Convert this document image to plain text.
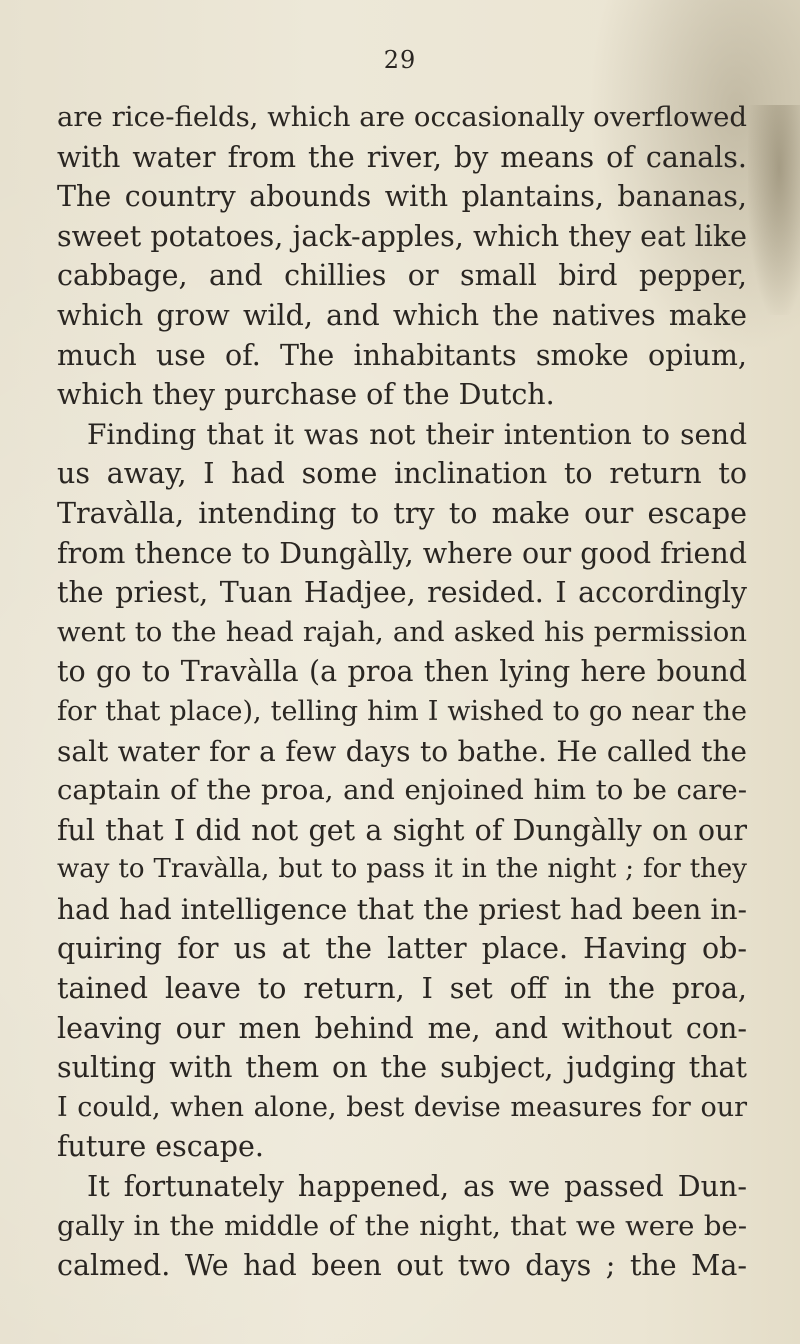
29
are rice-fields, which are occasionally overflowed
with water from the river, by means of canals.
The country abounds with plantains, bananas,
sweet potatoes, jack-apples, which they eat like
cabbage, and chillies or small bird pepper,
which grow wild, and which the natives make
much use of. The inhabitants smoke opium,
which they purchase of the Dutch.
Finding that it was not their intention to send
us away, I had some inclination to return to
Travàlla, intending to try to make our escape
from thence to Dungàlly, where our good friend
the priest, Tuan Hadjee, resided. I accordingly
went to the head rajah, and asked his permission
to go to Travàlla (a proa then lying here bound
for that place), telling him I wished to go near the
salt water for a few days to bathe. He called the
captain of the proa, and enjoined him to be care-
ful that I did not get a sight of Dungàlly on our
way to Travàlla, but to pass it in the night ; for they
had had intelligence that the priest had been in-
quiring for us at the latter place. Having ob-
tained leave to return, I set off in the proa,
leaving our men behind me, and without con-
sulting with them on the subject, judging that
I could, when alone, best devise measures for our
future escape.
It fortunately happened, as we passed Dun-
gally in the middle of the night, that we were be-
calmed. We had been out two days ; the Ma-
